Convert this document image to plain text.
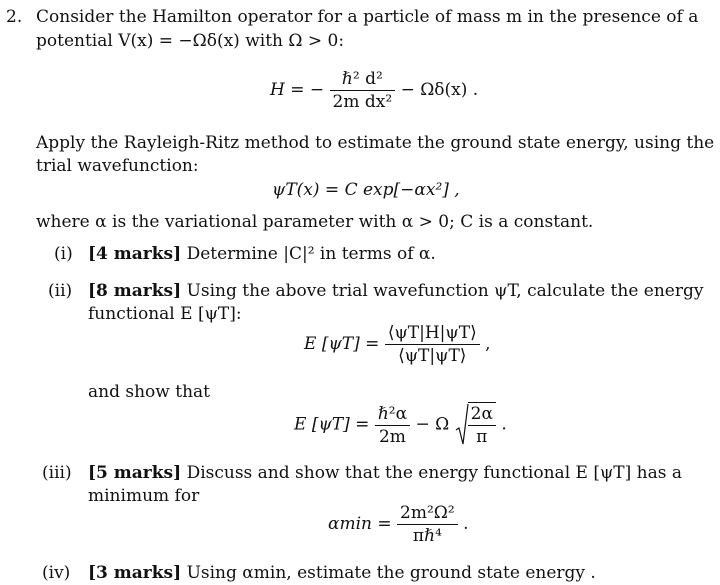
2. Consider the Hamilton operator for a particle of mass m in the presence of a
potential V(x) = −Ωδ(x) with Ω > 0:
H = − $\frac{\text{ℏ² d²}}{\text{2m dx²}} - \Omega\delta(x)$ .
Apply the Rayleigh-Ritz method to estimate the ground state energy, using the
trial wavefunction:
ψT(x) = C exp[−αx²] ,
where α is the variational parameter with α > 0; C is a constant.
(i) [4 marks] Determine |C|² in terms of α.
(ii) [8 marks] Using the above trial wavefunction ψT, calculate the energy
functional E [ψT]:
E $[\psi T] = \frac{⟨\psi T|H|\psi T⟩}{⟨\psi T|\psi T⟩}$ ,
and show that
E $[\psi T] = \frac{\text{ℏ²α}}{2m} - \Omega \frac{2\alpha}{\pi}$ .
(iii) [5 marks] Discuss and show that the energy functional E [ψT] has a
minimum for
$\alpha\min = \frac{\text{2m²Ω²}}{\text{πℏ⁴}}$ .
(iv) [3 marks] Using αmin, estimate the ground state energy .
